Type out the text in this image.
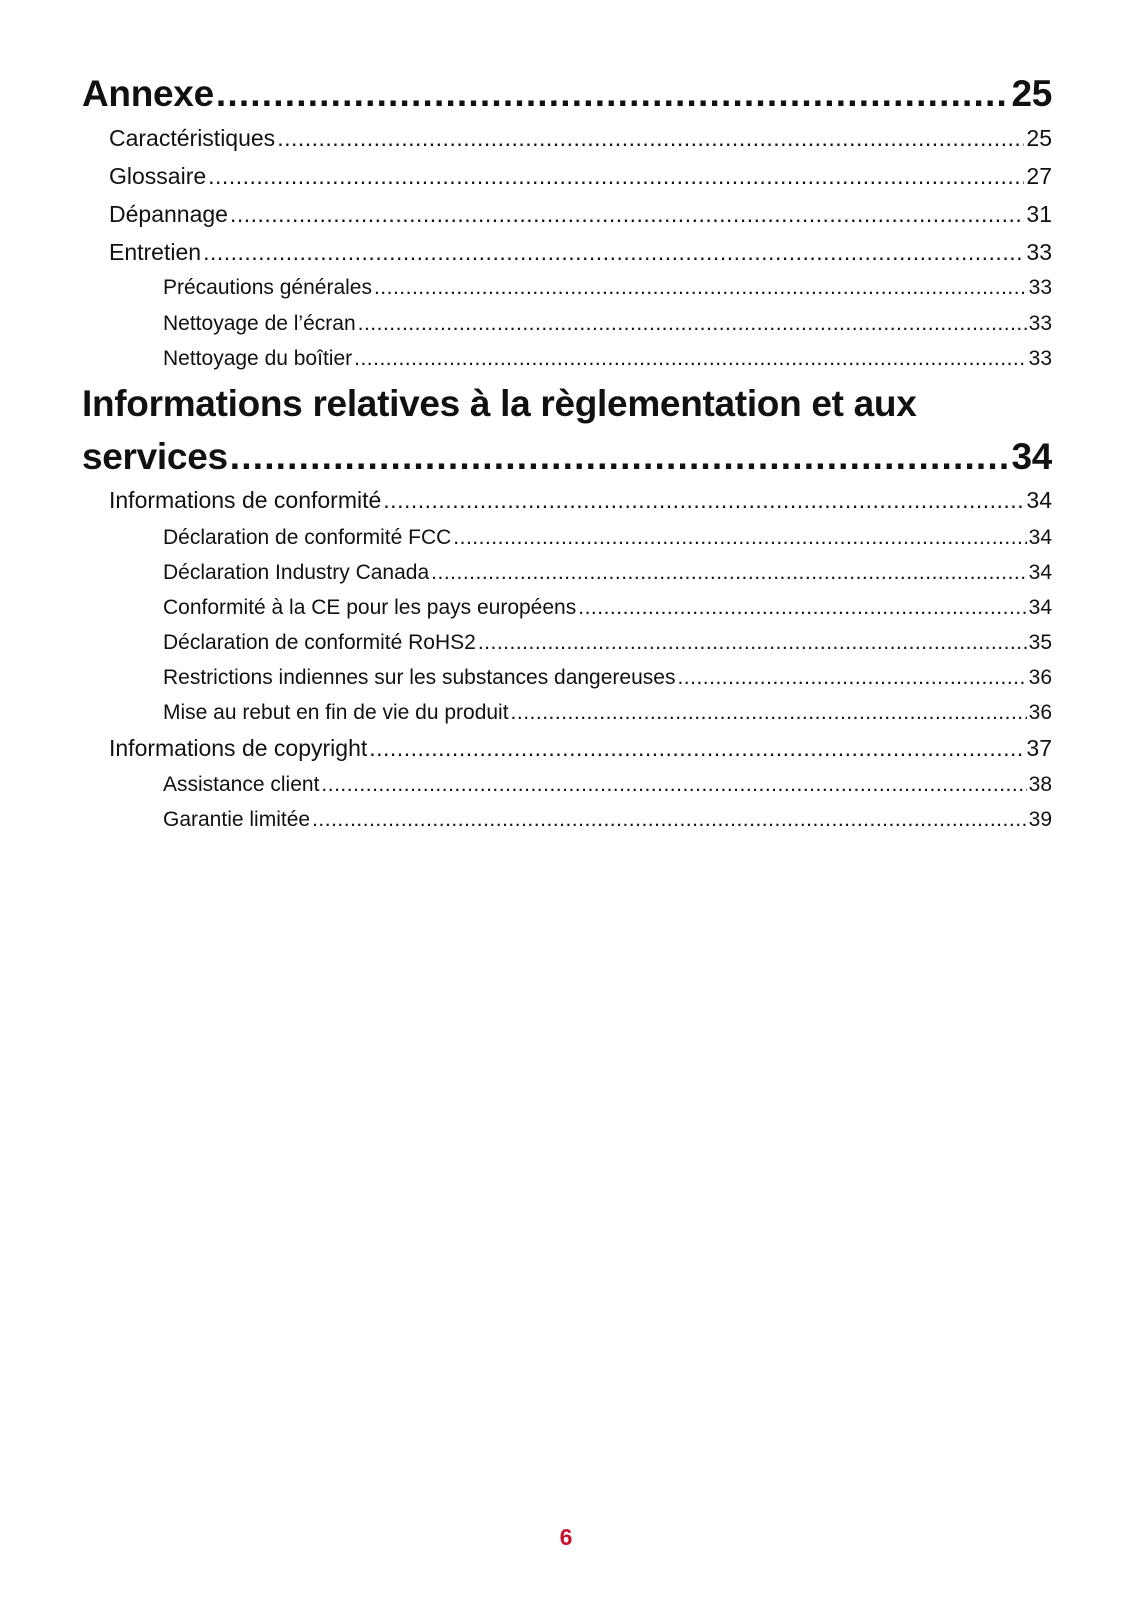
Annexe .....	25
Caractéristiques .....	25
Glossaire .....	27
Dépannage .....	31
Entretien .....	33
Précautions générales .....	33
Nettoyage de l’écran .....	33
Nettoyage du boîtier .....	33
Informations relatives à la règlementation et aux
services .....	34
Informations de conformité .....	34
Déclaration de conformité FCC .....	34
Déclaration Industry Canada .....	34
Conformité à la CE pour les pays européens .....	34
Déclaration de conformité RoHS2 .....	35
Restrictions indiennes sur les substances dangereuses .....	36
Mise au rebut en fin de vie du produit .....	36
Informations de copyright .....	37
Assistance client .....	38
Garantie limitée .....	39
6
